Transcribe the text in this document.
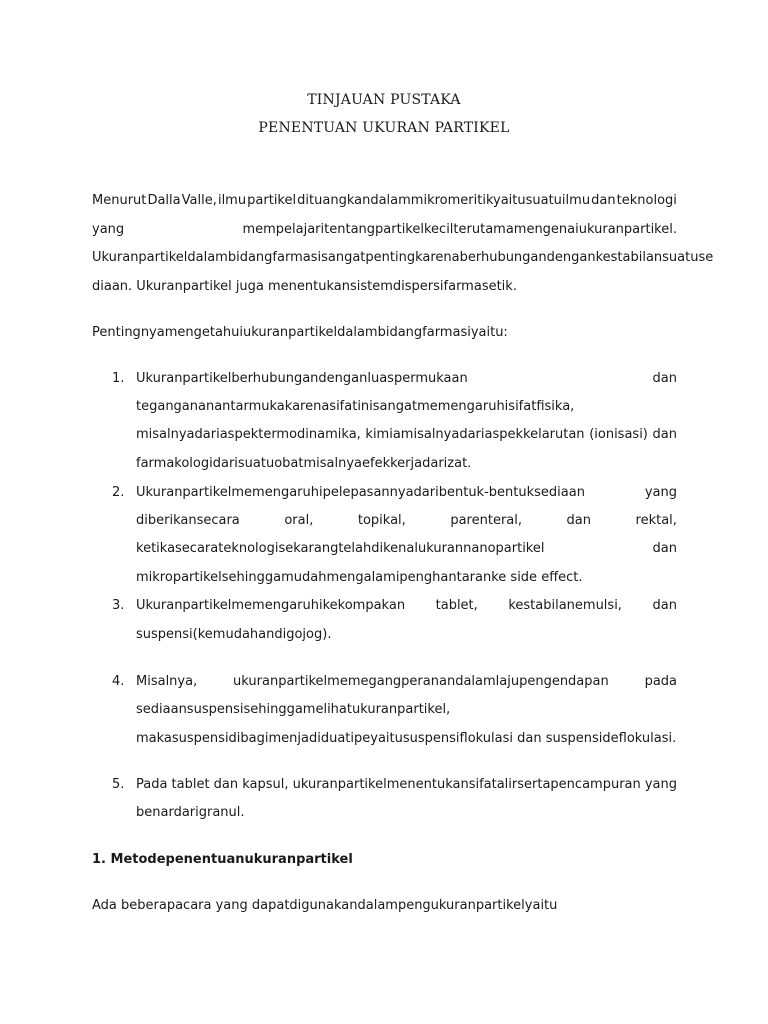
TINJAUAN PUSTAKA
PENENTUAN UKURAN PARTIKEL
Menurut Dalla Valle, ilmu partikel dituangkandalammikromeritikyaitusuatuilmu dan teknologi
yang	mempelajaritentangpartikelkecilterutamamengenaiukuranpartikel.
Ukuranpartikeldalambidangfarmasisangatpentingkarenaberhubungandengankestabilansuatuse
diaan. Ukuranpartikel juga menentukansistemdispersifarmasetik.
Pentingnyamengetahuiukuranpartikeldalambidangfarmasiyaitu:
1. Ukuranpartikelberhubungandenganluaspermukaan	dan
tegangananantarmukakarenasifatinisangatmemengaruhisifatfisika,
misalnyadariaspektermodinamika, kimiamisalnyadariaspekkelarutan (ionisasi) dan
farmakologidarisuatuobatmisalnyaefekkerjadarizat.
2. Ukuranpartikelmemengaruhipelepasannyadaribentuk-bentuksediaan	yang
diberikansecara	oral,	topikal,	parenteral,	dan	rektal,
ketikasecarateknologisekarangtelahdikenalukurannanopartikel	dan
mikropartikelsehinggamudahmengalamipenghantaranke side effect.
3. Ukuranpartikelmemengaruhikekompakan tablet, kestabilanemulsi, dan
suspensi(kemudahandigojog).
4. Misalnya,	ukuranpartikelmemegangperanandalamlajupengendapan	pada
sediaansuspensisehinggamelihatukuranpartikel,
makasuspensidibagimenjadiduatipeyaitususpensiflokulasi dan suspensideflokulasi.
5. Pada tablet dan kapsul, ukuranpartikelmenentukansifatalirsertapencampuran yang
benardarigranul.
1. Metodepenentuanukuranpartikel
Ada beberapacara yang dapatdigunakandalampengukuranpartikelyaitu
